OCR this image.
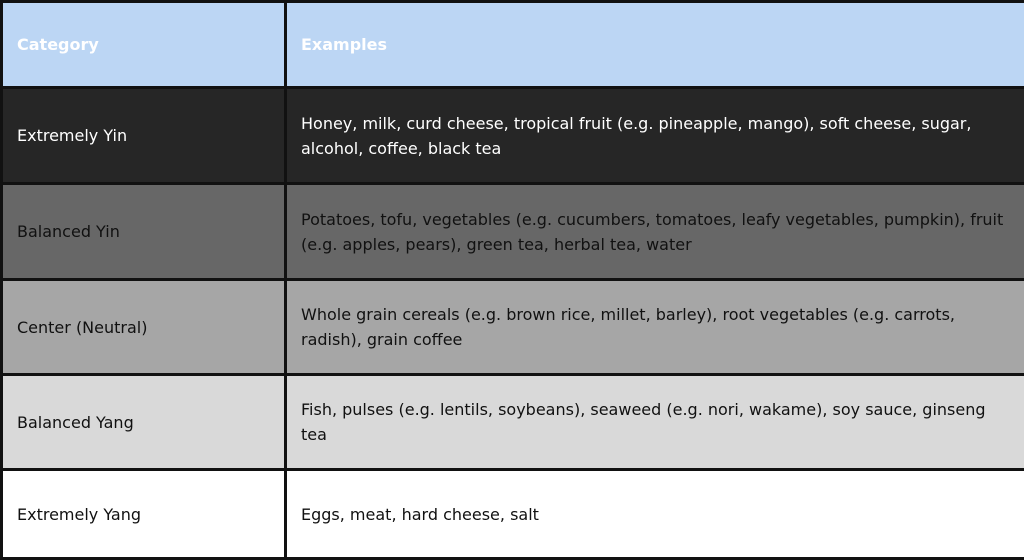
Category	Examples
Extremely Yin	Honey, milk, curd cheese, tropical fruit (e.g. pineapple, mango), soft cheese, sugar, alcohol, coffee, black tea
Balanced Yin	Potatoes, tofu, vegetables (e.g. cucumbers, tomatoes, leafy vegetables, pumpkin), fruit (e.g. apples, pears), green tea, herbal tea, water
Center (Neutral)	Whole grain cereals (e.g. brown rice, millet, barley), root vegetables (e.g. carrots, radish), grain coffee
Balanced Yang	Fish, pulses (e.g. lentils, soybeans), seaweed (e.g. nori, wakame), soy sauce, ginseng tea
Extremely Yang	Eggs, meat, hard cheese, salt
